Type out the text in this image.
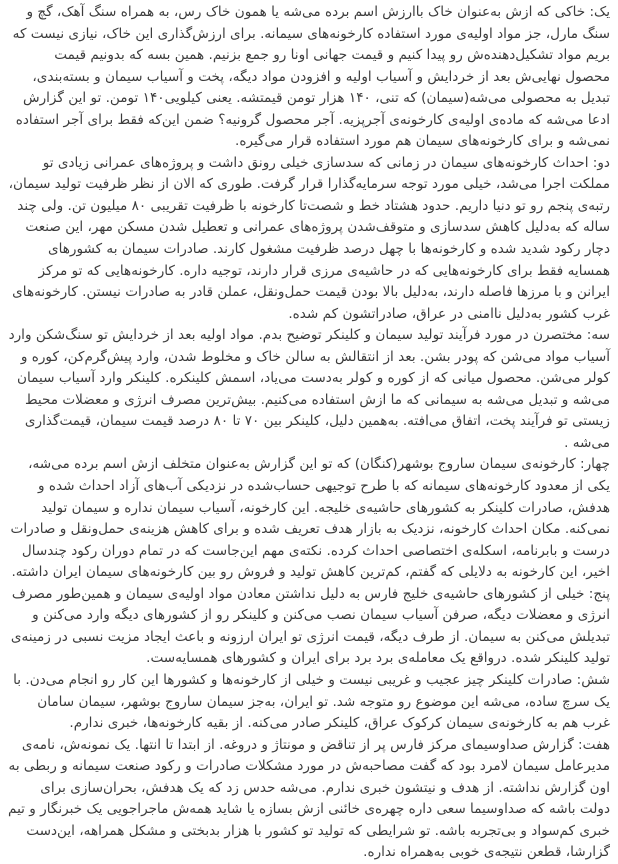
یک: خاکی که ازش به‌عنوان خاک باارزش اسم برده می‌شه یا همون خاک رس، به همراه سنگ آهک، گچ و سنگ مارل، جز مواد اولیه‌ی مورد استفاده کارخونه‌های سیمانه. برای ارزش‌گذاری این خاک، نیازی نیست که بریم مواد تشکیل‌دهنده‌ش رو پیدا کنیم و قیمت جهانی اونا رو جمع بزنیم. همین بسه که بدونیم قیمت محصول نهایی‌ش بعد از خردایش و آسیاب اولیه و افزودن مواد دیگه، پخت و آسیاب سیمان و بسته‌بندی، تبدیل به محصولی می‌شه(سیمان) که تنی، ۱۴۰ هزار تومن قیمتشه. یعنی کیلویی۱۴۰ تومن. تو این گزارش ادعا می‌شه که ماده‌ی اولیه‌ی کارخونه‌ی آجرپزیه. آجر محصول گرونیه؟ ضمن این‌که فقط برای آجر استفاده نمی‌شه و برای کارخونه‌های سیمان هم مورد استفاده قرار می‌گیره.

دو: احداث کارخونه‌های سیمان در زمانی که سدسازی خیلی رونق داشت و پروژه‌های عمرانی زیادی تو مملکت اجرا می‌شد، خیلی مورد توجه سرمایه‌گذارا قرار گرفت. طوری که الان از نظر ظرفیت تولید سیمان، رتبه‌ی پنجم رو تو دنیا داریم. حدود هشتاد خط و شصت‌تا کارخونه با ظرفیت تقریبی ۸۰ میلیون تن. ولی چند ساله که به‌دلیل کاهش سدسازی و متوقف‌شدن پروژه‌های عمرانی و تعطیل شدن مسکن مهر، این صنعت دچار رکود شدید شده و کارخونه‌ها با چهل درصد ظرفیت مشغول کارند. صادرات سیمان به کشورهای همسایه فقط برای کارخونه‌هایی که در حاشیه‌ی مرزی قرار دارند، توجیه داره. کارخونه‌هایی که تو مرکز ایرانن و با مرزها فاصله دارند، به‌دلیل بالا بودن قیمت حمل‌ونقل، عملن قادر به صادرات نیستن. کارخونه‌های غرب کشور به‌دلیل ناامنی در عراق، صادراتشون کم شده.

سه: مختصرن در مورد فرآیند تولید سیمان و کلینکر توضیح بدم. مواد اولیه بعد از خردایش تو سنگ‌شکن وارد آسیاب مواد می‌شن که پودر بشن. بعد از انتقالش به سالن خاک و مخلوط شدن، وارد پیش‌گرم‌کن، کوره و کولر می‌شن. محصول میانی که از کوره و کولر به‌دست می‌یاد، اسمش کلینکره. کلینکر وارد آسیاب سیمان می‌شه و تبدیل می‌شه به سیمانی که ما ازش استفاده می‌کنیم. بیش‌ترین مصرف انرژی و معضلات محیط زیستی تو فرآیند پخت، اتفاق می‌افته. به‌همین دلیل، کلینکر بین ۷۰ تا ۸۰ درصد قیمت سیمان، قیمت‌گذاری می‌شه .

چهار: کارخونه‌ی سیمان ساروج بوشهر(کنگان) که تو این گزارش به‌عنوان متخلف ازش اسم برده می‌شه، یکی از معدود کارخونه‌های سیمانه که با طرح توجیهی حساب‌شده در نزدیکی آب‌های آزاد احداث شده و هدفش، صادرات کلینکر به کشورهای حاشیه‌ی خلیجه. این کارخونه، آسیاب سیمان نداره و سیمان تولید نمی‌کنه. مکان احداث کارخونه، نزدیک به بازار هدف تعریف شده و برای کاهش هزینه‌ی حمل‌ونقل و صادرات درست و بابرنامه، اسکله‌ی اختصاصی احداث کرده. نکته‌ی مهم این‌جاست که در تمام دوران رکود چندسال اخیر، این کارخونه به دلایلی که گفتم، کم‌ترین کاهش تولید و فروش رو بین کارخونه‌های سیمان ایران داشته.

پنج: خیلی از کشورهای حاشیه‌ی خلیج فارس به دلیل نداشتن معادن مواد اولیه‌ی سیمان و همین‌طور مصرف انرژی و معضلات دیگه، صرفن آسیاب سیمان نصب می‌کنن و کلینکر رو از کشورهای دیگه وارد می‌کنن و تبدیلش می‌کنن به سیمان. از طرف دیگه، قیمت انرژی تو ایران ارزونه و باعث ایجاد مزیت نسبی در زمینه‌ی تولید کلینکر شده. درواقع یک معامله‌ی برد برد برای ایران و کشورهای همسایه‌ست.

شش: صادرات کلینکر چیز عجیب و غریبی نیست و خیلی از کارخونه‌ها و کشورها این کار رو انجام می‌دن. با یک سرچ ساده، می‌شه این موضوع رو متوجه شد. تو ایران، به‌جز سیمان ساروج بوشهر، سیمان سامان غرب هم به کارخونه‌ی سیمان کرکوک عراق، کلینکر صادر می‌کنه. از بقیه کارخونه‌ها، خبری ندارم.

هفت: گزارش صداوسیمای مرکز فارس پر از تناقض و مونتاژ و دروغه. از ابتدا تا انتها. یک نمونه‌ش، نامه‌ی مدیرعامل سیمان لامرد بود که گفت مصاحبه‌ش در مورد مشکلات صادرات و رکود صنعت سیمانه و ربطی به اون گزارش نداشته. از هدف و نیتشون خبری ندارم. می‌شه حدس زد که یک هدفش، بحران‌سازی برای دولت باشه که صداوسیما سعی داره چهره‌ی خائنی ازش بسازه یا شاید همه‌ش ماجراجویی یک خبرنگار و تیم خبری کم‌سواد و بی‌تجربه باشه. تو شرایطی که تولید تو کشور با هزار بدبختی و مشکل همراهه، این‌دست گزارشا، قطعن نتیجه‌ی خوبی به‌همراه نداره.
